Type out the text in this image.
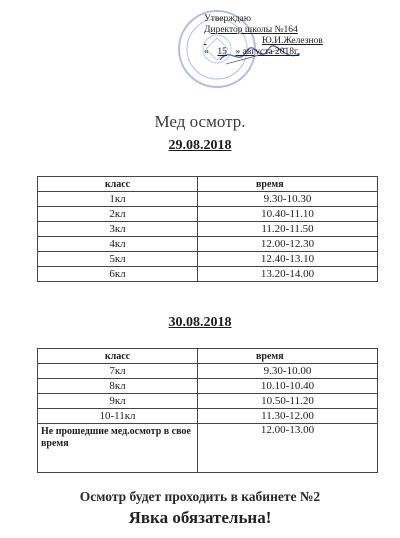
Утверждаю
Директор школы №164
Ю.И.Железнов
« 15 » августа 2018г.
Мед осмотр.
29.08.2018
класс	время
1кл	9.30-10.30
2кл	10.40-11.10
3кл	11.20-11.50
4кл	12.00-12.30
5кл	12.40-13.10
6кл	13.20-14.00
30.08.2018
класс	время
7кл	9.30-10.00
8кл	10.10-10.40
9кл	10.50-11.20
10-11кл	11.30-12.00
Не прошедшие мед.осмотр в свое время	12.00-13.00
Осмотр будет проходить в кабинете №2
Явка обязательна!
